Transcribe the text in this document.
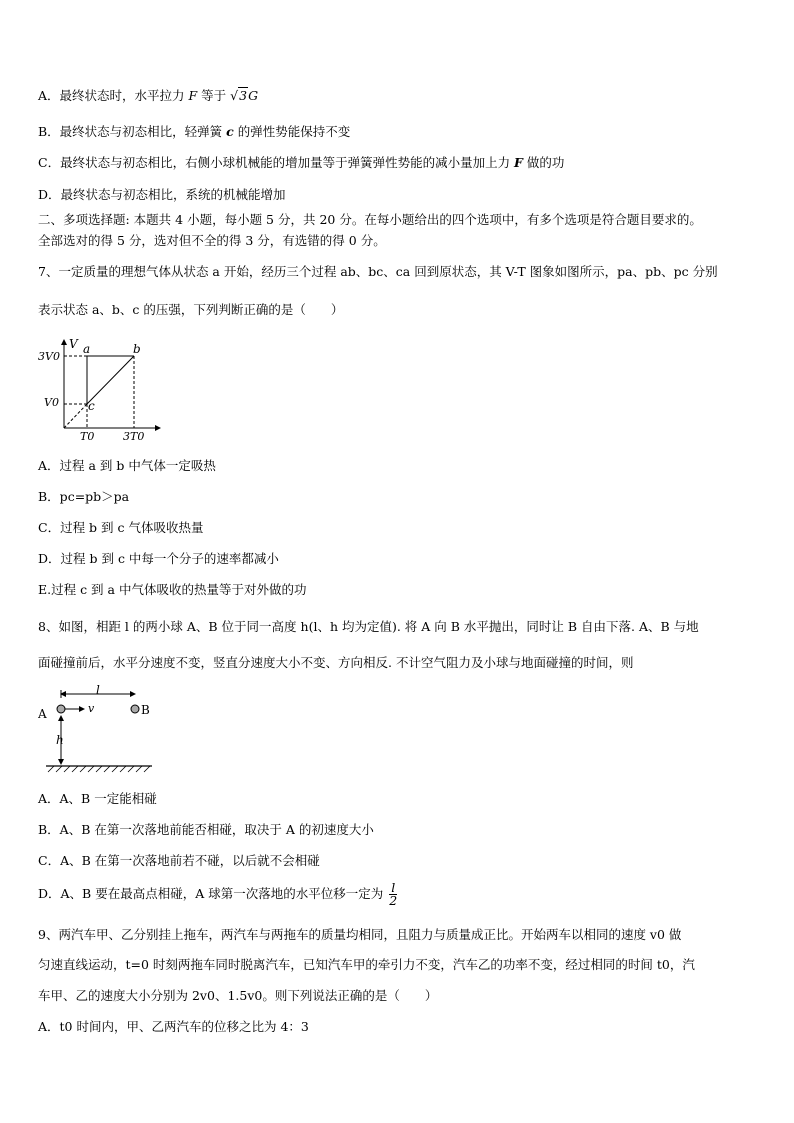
A．最终状态时，水平拉力 F 等于 √3G
B．最终状态与初态相比，轻弹簧 c 的弹性势能保持不变
C．最终状态与初态相比，右侧小球机械能的增加量等于弹簧弹性势能的减小量加上力 F 做的功
D．最终状态与初态相比，系统的机械能增加
二、多项选择题: 本题共 4 小题，每小题 5 分，共 20 分。在每小题给出的四个选项中，有多个选项是符合题目要求的。
全部选对的得 5 分，选对但不全的得 3 分，有选错的得 0 分。
7、一定质量的理想气体从状态 a 开始，经历三个过程 ab、bc、ca 回到原状态，其 V-T 图象如图所示，pa、pb、pc 分别
表示状态 a、b、c 的压强，下列判断正确的是（　　）
V
3V0
V0
T0	3T0
a	b
c
A．过程 a 到 b 中气体一定吸热
B．pc=pb＞pa
C．过程 b 到 c 气体吸收热量
D．过程 b 到 c 中每一个分子的速率都减小
E.过程 c 到 a 中气体吸收的热量等于对外做的功
8、如图，相距 l 的两小球 A、B 位于同一高度 h(l、h 均为定值). 将 A 向 B 水平抛出，同时让 B 自由下落. A、B 与地
面碰撞前后，水平分速度不变，竖直分速度大小不变、方向相反. 不计空气阻力及小球与地面碰撞的时间，则
l
A	v	B
h
A．A、B 一定能相碰
B．A、B 在第一次落地前能否相碰，取决于 A 的初速度大小
C．A、B 在第一次落地前若不碰，以后就不会相碰
D．A、B 要在最高点相碰，A 球第一次落地的水平位移一定为 $\frac{l}{2}$
9、两汽车甲、乙分别挂上拖车，两汽车与两拖车的质量均相同，且阻力与质量成正比。开始两车以相同的速度 v0 做
匀速直线运动，t=0 时刻两拖车同时脱离汽车，已知汽车甲的牵引力不变，汽车乙的功率不变，经过相同的时间 t0，汽
车甲、乙的速度大小分别为 2v0、1.5v0。则下列说法正确的是（　　）
A．t0 时间内，甲、乙两汽车的位移之比为 4：3
